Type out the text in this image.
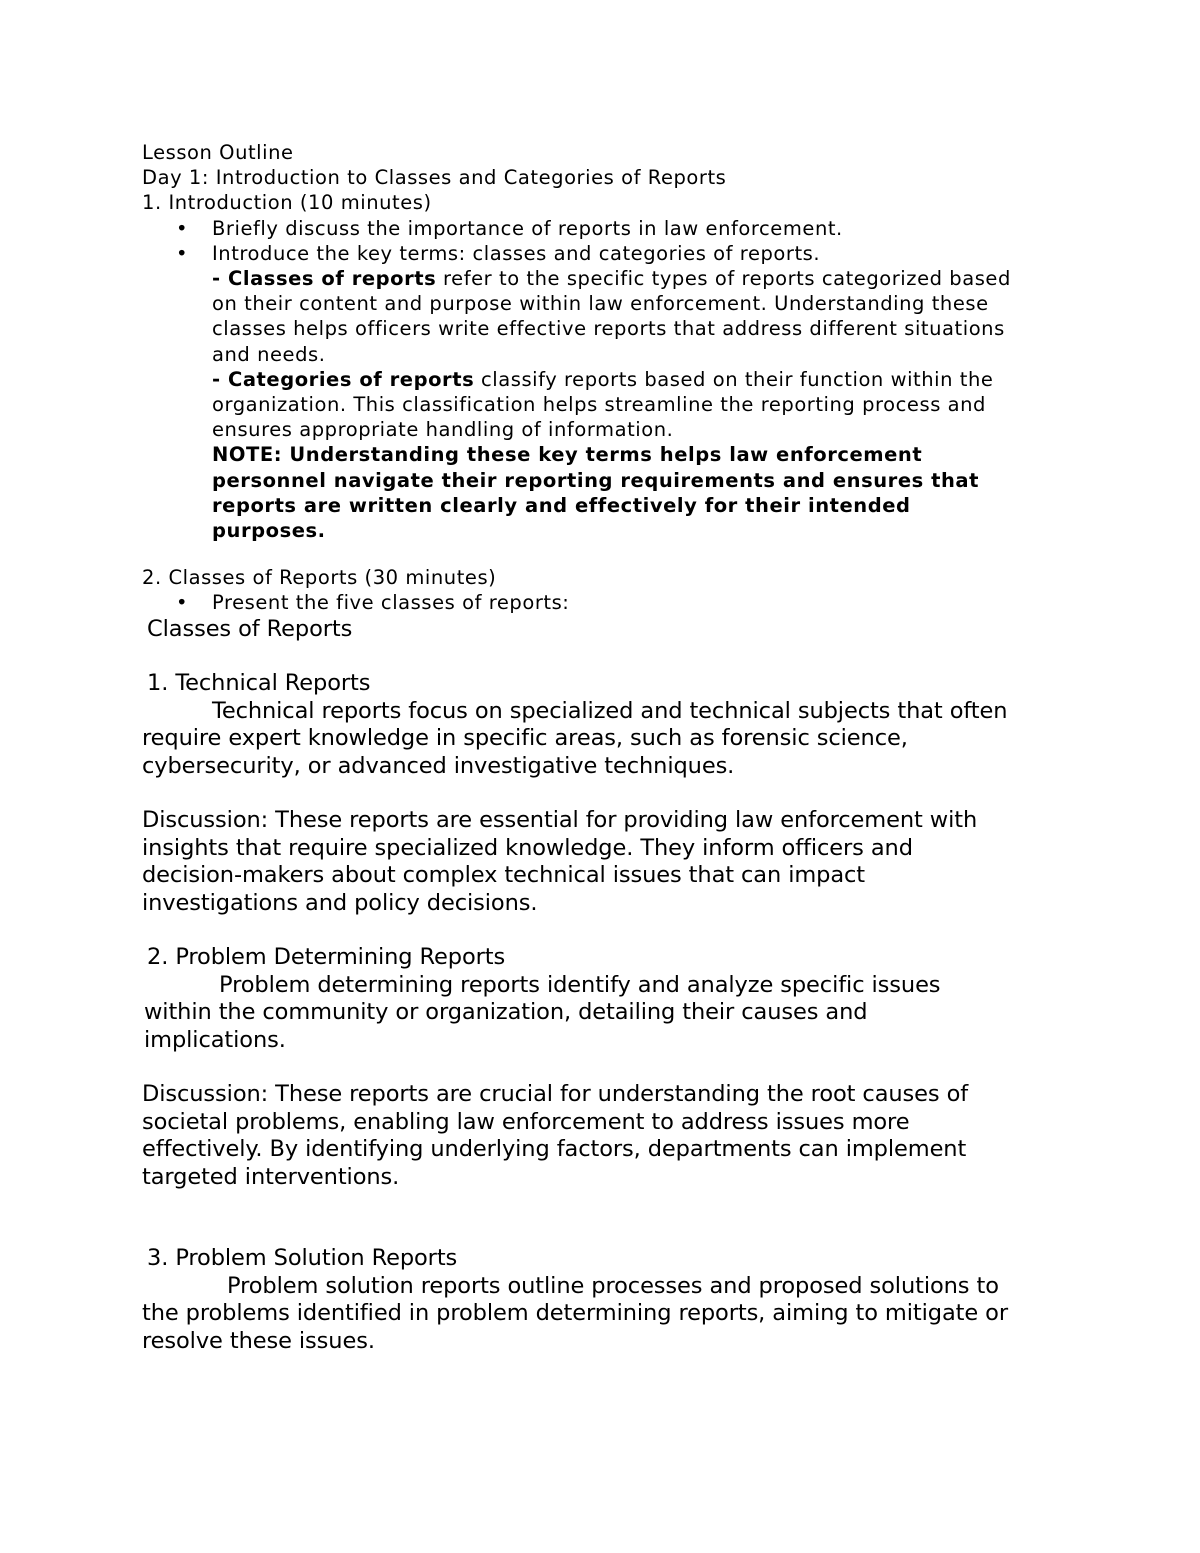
Lesson Outline
Day 1: Introduction to Classes and Categories of Reports
1. Introduction (10 minutes)
• Briefly discuss the importance of reports in law enforcement.
• Introduce the key terms: classes and categories of reports.
- Classes of reports refer to the specific types of reports categorized based
on their content and purpose within law enforcement. Understanding these
classes helps officers write effective reports that address different situations
and needs.
- Categories of reports classify reports based on their function within the
organization. This classification helps streamline the reporting process and
ensures appropriate handling of information.
NOTE: Understanding these key terms helps law enforcement
personnel navigate their reporting requirements and ensures that
reports are written clearly and effectively for their intended
purposes.
2. Classes of Reports (30 minutes)
• Present the five classes of reports:
Classes of Reports
1. Technical Reports
Technical reports focus on specialized and technical subjects that often
require expert knowledge in specific areas, such as forensic science,
cybersecurity, or advanced investigative techniques.
Discussion: These reports are essential for providing law enforcement with
insights that require specialized knowledge. They inform officers and
decision-makers about complex technical issues that can impact
investigations and policy decisions.
2. Problem Determining Reports
Problem determining reports identify and analyze specific issues
within the community or organization, detailing their causes and
implications.
Discussion: These reports are crucial for understanding the root causes of
societal problems, enabling law enforcement to address issues more
effectively. By identifying underlying factors, departments can implement
targeted interventions.
3. Problem Solution Reports
Problem solution reports outline processes and proposed solutions to
the problems identified in problem determining reports, aiming to mitigate or
resolve these issues.
